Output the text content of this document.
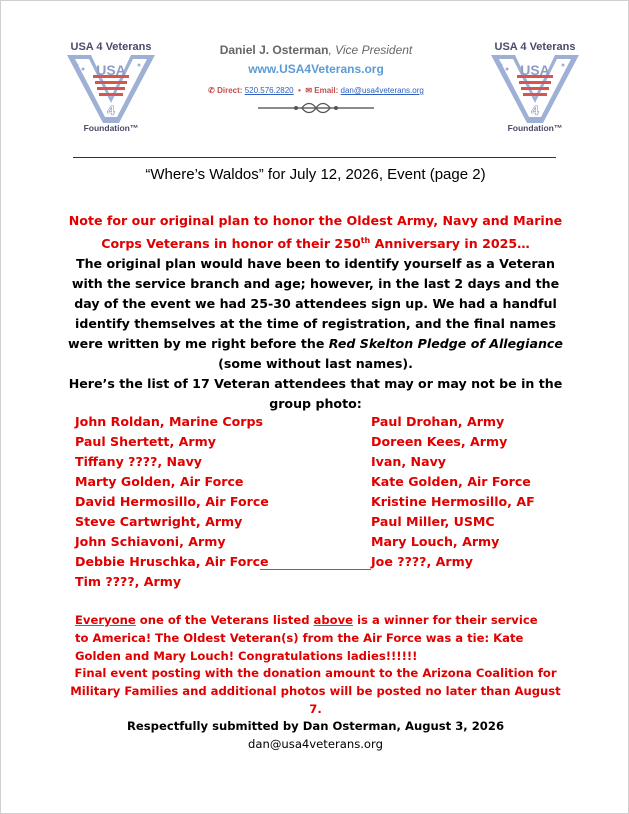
USA 4 Veterans
USA
4
Foundation™
USA 4 Veterans
USA
4
Foundation™
Daniel J. Osterman, Vice President
www.USA4Veterans.org
✆ Direct: 520.576.2820 • ✉ Email: dan@usa4veterans.org
“Where’s Waldos” for July 12, 2026, Event (page 2)
Note for our original plan to honor the Oldest Army, Navy and Marine Corps Veterans in honor of their 250th Anniversary in 2025…
The original plan would have been to identify yourself as a Veteran with the service branch and age; however, in the last 2 days and the day of the event we had 25-30 attendees sign up. We had a handful identify themselves at the time of registration, and the final names were written by me right before the Red Skelton Pledge of Allegiance (some without last names).
Here’s the list of 17 Veteran attendees that may or may not be in the group photo:
John Roldan, Marine Corps
Paul Shertett, Army
Tiffany ????, Navy
Marty Golden, Air Force
David Hermosillo, Air Force
Steve Cartwright, Army
John Schiavoni, Army
Debbie Hruschka, Air Force
Tim ????, Army
Paul Drohan, Army
Doreen Kees, Army
Ivan, Navy
Kate Golden, Air Force
Kristine Hermosillo, AF
Paul Miller, USMC
Mary Louch, Army
Joe ????, Army
Everyone one of the Veterans listed above is a winner for their service to America! The Oldest Veteran(s) from the Air Force was a tie: Kate Golden and Mary Louch! Congratulations ladies!!!!!!
Final event posting with the donation amount to the Arizona Coalition for Military Families and additional photos will be posted no later than August 7.
Respectfully submitted by Dan Osterman, August 3, 2026
dan@usa4veterans.org
